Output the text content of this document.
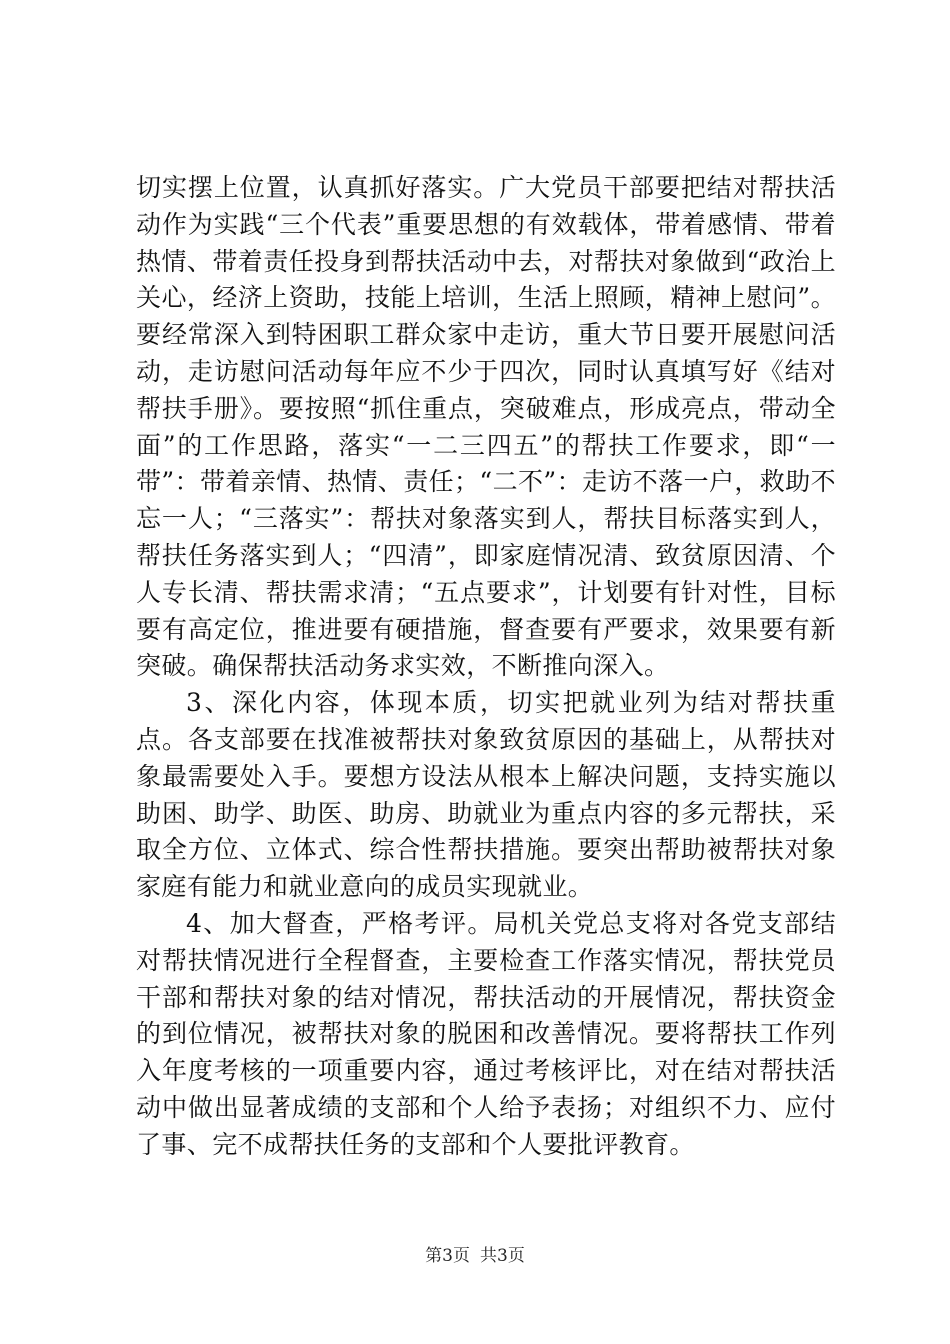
切实摆上位置，认真抓好落实。广大党员干部要把结对帮扶活动作为实践“三个代表”重要思想的有效载体，带着感情、带着热情、带着责任投身到帮扶活动中去，对帮扶对象做到“政治上关心，经济上资助，技能上培训，生活上照顾，精神上慰问”。要经常深入到特困职工群众家中走访，重大节日要开展慰问活动，走访慰问活动每年应不少于四次，同时认真填写好《结对帮扶手册》。要按照“抓住重点，突破难点，形成亮点，带动全面”的工作思路，落实“一二三四五”的帮扶工作要求，即“一带”：带着亲情、热情、责任；“二不”：走访不落一户，救助不忘一人；“三落实”：帮扶对象落实到人，帮扶目标落实到人，帮扶任务落实到人；“四清”，即家庭情况清、致贫原因清、个人专长清、帮扶需求清；“五点要求”，计划要有针对性，目标要有高定位，推进要有硬措施，督查要有严要求，效果要有新突破。确保帮扶活动务求实效，不断推向深入。

3、深化内容，体现本质，切实把就业列为结对帮扶重点。各支部要在找准被帮扶对象致贫原因的基础上，从帮扶对象最需要处入手。要想方设法从根本上解决问题，支持实施以助困、助学、助医、助房、助就业为重点内容的多元帮扶，采取全方位、立体式、综合性帮扶措施。要突出帮助被帮扶对象家庭有能力和就业意向的成员实现就业。

4、加大督查，严格考评。局机关党总支将对各党支部结对帮扶情况进行全程督查，主要检查工作落实情况，帮扶党员干部和帮扶对象的结对情况，帮扶活动的开展情况，帮扶资金的到位情况，被帮扶对象的脱困和改善情况。要将帮扶工作列入年度考核的一项重要内容，通过考核评比，对在结对帮扶活动中做出显著成绩的支部和个人给予表扬；对组织不力、应付了事、完不成帮扶任务的支部和个人要批评教育。

第3页 共3页
